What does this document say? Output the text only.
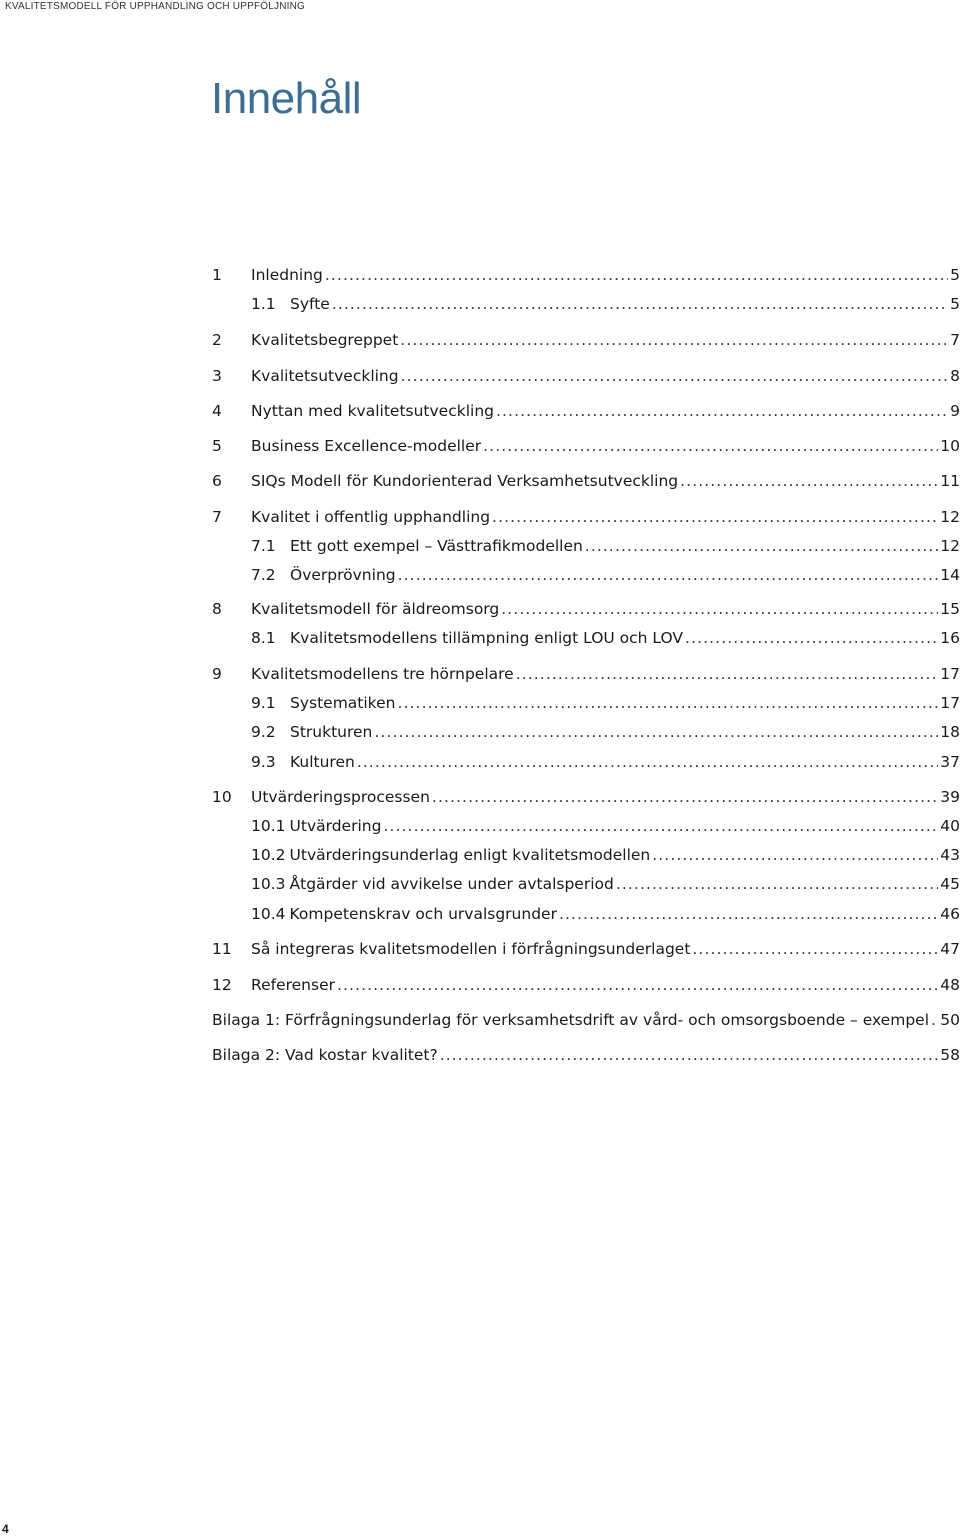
KVALITETSMODELL FÖR UPPHANDLING OCH UPPFÖLJNING
Innehåll
1	Inledning .....	5
1.1 Syfte .....	5
2	Kvalitetsbegreppet .....	7
3	Kvalitetsutveckling .....	8
4	Nyttan med kvalitetsutveckling .....	9
5	Business Excellence-modeller .....	10
6	SIQs Modell för Kundorienterad Verksamhetsutveckling .....	11
7	Kvalitet i offentlig upphandling .....	12
7.1 Ett gott exempel – Västtrafikmodellen .....	12
7.2 Överprövning .....	14
8	Kvalitetsmodell för äldreomsorg .....	15
8.1 Kvalitetsmodellens tillämpning enligt LOU och LOV .....	16
9	Kvalitetsmodellens tre hörnpelare .....	17
9.1 Systematiken .....	17
9.2 Strukturen .....	18
9.3 Kulturen .....	37
10	Utvärderingsprocessen .....	39
10.1 Utvärdering .....	40
10.2 Utvärderingsunderlag enligt kvalitetsmodellen .....	43
10.3 Åtgärder vid avvikelse under avtalsperiod .....	45
10.4 Kompetenskrav och urvalsgrunder .....	46
11	Så integreras kvalitetsmodellen i förfrågningsunderlaget .....	47
12	Referenser .....	48
Bilaga 1: Förfrågningsunderlag för verksamhetsdrift av vård- och omsorgsboende – exempel ..... 50
Bilaga 2: Vad kostar kvalitet? .....	58
4
